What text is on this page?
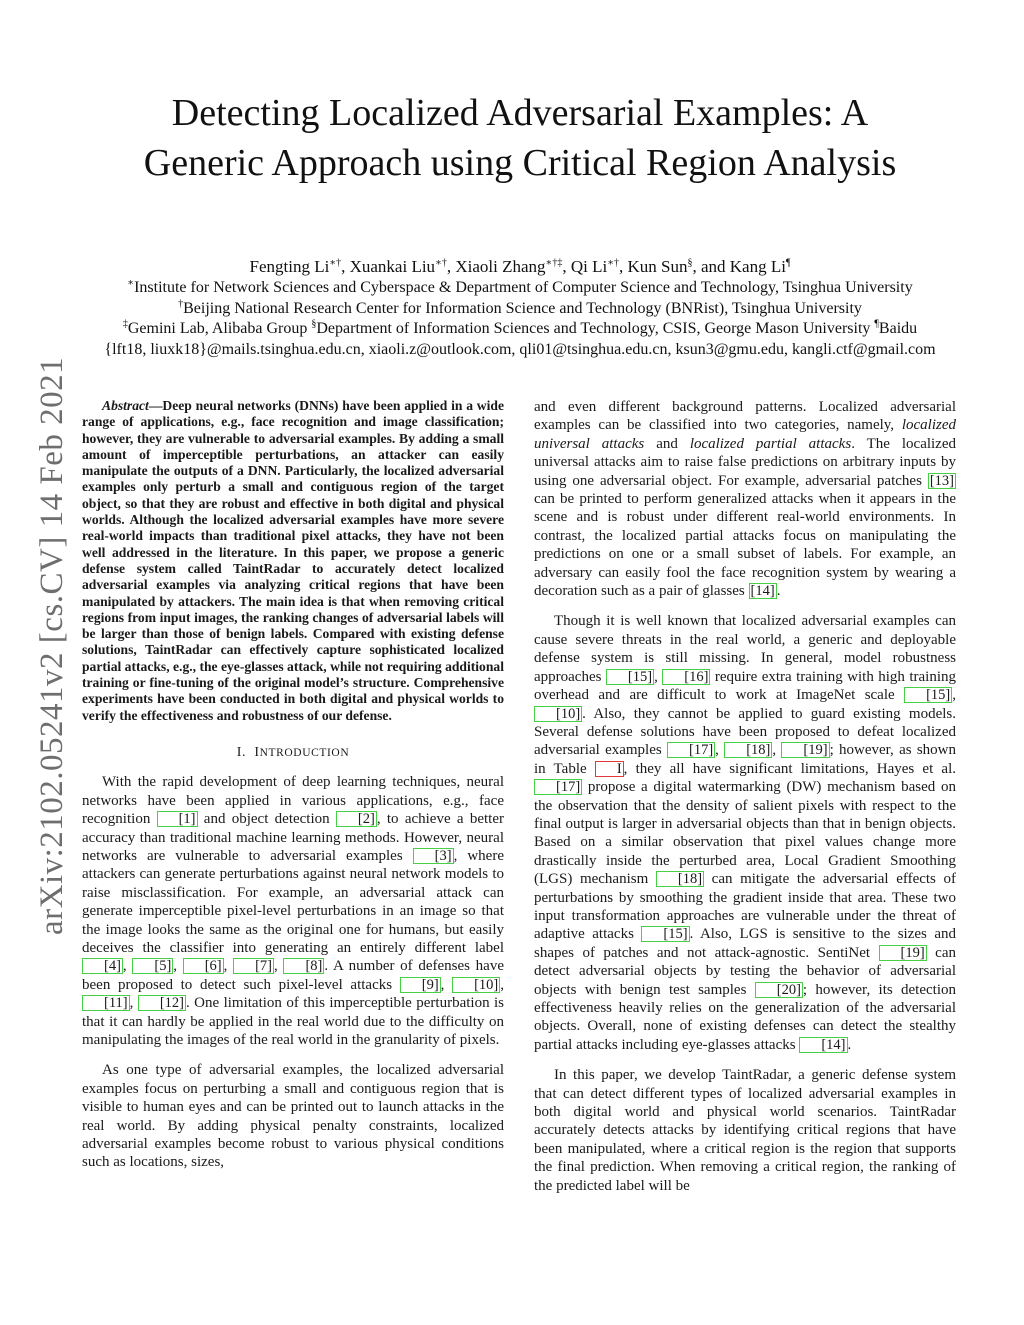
arXiv:2102.05241v2 [cs.CV] 14 Feb 2021
Detecting Localized Adversarial Examples: A
Generic Approach using Critical Region Analysis
Fengting Li∗†, Xuankai Liu∗†, Xiaoli Zhang∗†‡, Qi Li∗†, Kun Sun§, and Kang Li¶
∗Institute for Network Sciences and Cyberspace & Department of Computer Science and Technology, Tsinghua University
†Beijing National Research Center for Information Science and Technology (BNRist), Tsinghua University
‡Gemini Lab, Alibaba Group §Department of Information Sciences and Technology, CSIS, George Mason University ¶Baidu
{lft18, liuxk18}@mails.tsinghua.edu.cn, xiaoli.z@outlook.com, qli01@tsinghua.edu.cn, ksun3@gmu.edu, kangli.ctf@gmail.com

Abstract—Deep neural networks (DNNs) have been applied in a wide range of applications, e.g., face recognition and image classification; however, they are vulnerable to adversarial examples. By adding a small amount of imperceptible perturbations, an attacker can easily manipulate the outputs of a DNN. Particularly, the localized adversarial examples only perturb a small and contiguous region of the target object, so that they are robust and effective in both digital and physical worlds. Although the localized adversarial examples have more severe real-world impacts than traditional pixel attacks, they have not been well addressed in the literature. In this paper, we propose a generic defense system called TaintRadar to accurately detect localized adversarial examples via analyzing critical regions that have been manipulated by attackers. The main idea is that when removing critical regions from input images, the ranking changes of adversarial labels will be larger than those of benign labels. Compared with existing defense solutions, TaintRadar can effectively capture sophisticated localized partial attacks, e.g., the eye-glasses attack, while not requiring additional training or fine-tuning of the original model’s structure. Comprehensive experiments have been conducted in both digital and physical worlds to verify the effectiveness and robustness of our defense.

I. INTRODUCTION

With the rapid development of deep learning techniques, neural networks have been applied in various applications, e.g., face recognition [1] and object detection [2] , to achieve a better accuracy than traditional machine learning methods. However, neural networks are vulnerable to adversarial examples [3] , where attackers can generate perturbations against neural network models to raise misclassification. For example, an adversarial attack can generate imperceptible pixel-level perturbations in an image so that the image looks the same as the original one for humans, but easily deceives the classifier into generating an entirely different label [4] , [5] , [6] , [7] , [8] . A number of defenses have been proposed to detect such pixel-level attacks [9] , [10] , [11] , [12] . One limitation of this imperceptible perturbation is that it can hardly be applied in the real world due to the difficulty on manipulating the images of the real world in the granularity of pixels.

As one type of adversarial examples, the localized adversarial examples focus on perturbing a small and contiguous region that is visible to human eyes and can be printed out to launch attacks in the real world. By adding physical penalty constraints, localized adversarial examples become robust to various physical conditions such as locations, sizes,

and even different background patterns. Localized adversarial examples can be classified into two categories, namely, localized universal attacks and localized partial attacks. The localized universal attacks aim to raise false predictions on arbitrary inputs by using one adversarial object. For example, adversarial patches [13] can be printed to perform generalized attacks when it appears in the scene and is robust under different real-world environments. In contrast, the localized partial attacks focus on manipulating the predictions on one or a small subset of labels. For example, an adversary can easily fool the face recognition system by wearing a decoration such as a pair of glasses [14] .

Though it is well known that localized adversarial examples can cause severe threats in the real world, a generic and deployable defense system is still missing. In general, model robustness approaches [15] , [16] require extra training with high training overhead and are difficult to work at ImageNet scale [15] , [10] . Also, they cannot be applied to guard existing models. Several defense solutions have been proposed to defeat localized adversarial examples [17] , [18] , [19] ; however, as shown in Table I , they all have significant limitations, Hayes et al. [17] propose a digital watermarking (DW) mechanism based on the observation that the density of salient pixels with respect to the final output is larger in adversarial objects than that in benign objects. Based on a similar observation that pixel values change more drastically inside the perturbed area, Local Gradient Smoothing (LGS) mechanism [18] can mitigate the adversarial effects of perturbations by smoothing the gradient inside that area. These two input transformation approaches are vulnerable under the threat of adaptive attacks [15] . Also, LGS is sensitive to the sizes and shapes of patches and not attack-agnostic. SentiNet [19] can detect adversarial objects by testing the behavior of adversarial objects with benign test samples [20] ; however, its detection effectiveness heavily relies on the generalization of the adversarial objects. Overall, none of existing defenses can detect the stealthy partial attacks including eye-glasses attacks [14] .

In this paper, we develop TaintRadar, a generic defense system that can detect different types of localized adversarial examples in both digital world and physical world scenarios. TaintRadar accurately detects attacks by identifying critical regions that have been manipulated, where a critical region is the region that supports the final prediction. When removing a critical region, the ranking of the predicted label will be
